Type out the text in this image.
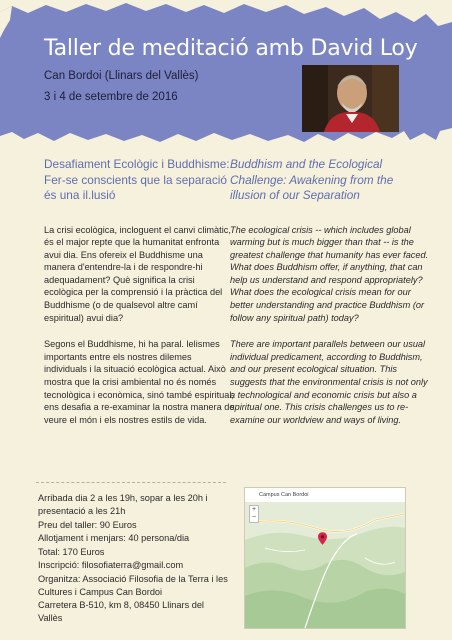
Taller de meditació amb David Loy
Can Bordoi (Llinars del Vallès)
3 i 4 de setembre de 2016
Desafiament Ecològic i Buddhisme: Fer-se conscients que la separació és una il.lusió

La crisi ecològica, incloguent el canvi climàtic, és el major repte que la humanitat enfronta avui dia. Ens ofereix el Buddhisme una manera d'entendre-la i de respondre-hi adequadament? Què significa la crisi ecològica per la comprensió i la pràctica del Buddhisme (o de qualsevol altre camí espiritual) avui dia?

Segons el Buddhisme, hi ha paral. lelismes importants entre els nostres dilemes individuals i la situació ecològica actual. Això mostra que la crisi ambiental no és només tecnològica i econòmica, sinó també espiritual; ens desafia a re-examinar la nostra manera de veure el món i els nostres estils de vida.

Buddhism and the Ecological Challenge: Awakening from the illusion of our Separation

The ecological crisis -- which includes global warming but is much bigger than that -- is the greatest challenge that humanity has ever faced. What does Buddhism offer, if anything, that can help us understand and respond appropriately? What does the ecological crisis mean for our better understanding and practice Buddhism (or follow any spiritual path) today?

There are important parallels between our usual individual predicament, according to Buddhism, and our present ecological situation. This suggests that the environmental crisis is not only a technological and economic crisis but also a spiritual one. This crisis challenges us to re-examine our worldview and ways of living.

Arribada dia 2 a les 19h, sopar a les 20h i presentació a les 21h
Preu del taller: 90 Euros
Allotjament i menjars: 40 persona/dia
Total: 170 Euros
Inscripció: filosofiaterra@gmail.com
Organitza: Associació Filosofia de la Terra i les Cultures i Campus Can Bordoi
Carretera B-510, km 8, 08450 Llinars del Vallès
Campus Can Bordoi
+
−
